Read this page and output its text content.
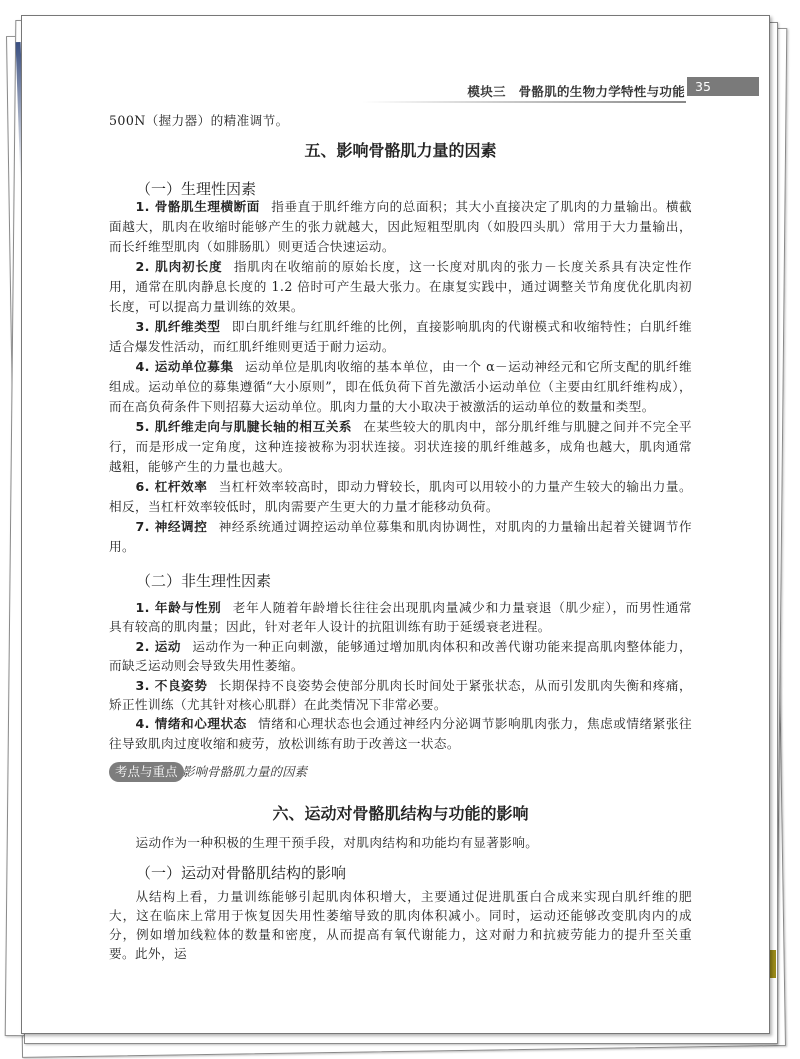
模块三　骨骼肌的生物力学特性与功能 35
500N（握力器）的精准调节。
五、影响骨骼肌力量的因素
（一）生理性因素

1. 骨骼肌生理横断面 指垂直于肌纤维方向的总面积；其大小直接决定了肌肉的力量输出。横截面越大，肌肉在收缩时能够产生的张力就越大，因此短粗型肌肉（如股四头肌）常用于大力量输出，而长纤维型肌肉（如腓肠肌）则更适合快速运动。

2. 肌肉初长度 指肌肉在收缩前的原始长度，这一长度对肌肉的张力－长度关系具有决定性作用，通常在肌肉静息长度的 1.2 倍时可产生最大张力。在康复实践中，通过调整关节角度优化肌肉初长度，可以提高力量训练的效果。

3. 肌纤维类型 即白肌纤维与红肌纤维的比例，直接影响肌肉的代谢模式和收缩特性；白肌纤维适合爆发性活动，而红肌纤维则更适于耐力运动。

4. 运动单位募集 运动单位是肌肉收缩的基本单位，由一个 α－运动神经元和它所支配的肌纤维组成。运动单位的募集遵循“大小原则”，即在低负荷下首先激活小运动单位（主要由红肌纤维构成），而在高负荷条件下则招募大运动单位。肌肉力量的大小取决于被激活的运动单位的数量和类型。

5. 肌纤维走向与肌腱长轴的相互关系 在某些较大的肌肉中，部分肌纤维与肌腱之间并不完全平行，而是形成一定角度，这种连接被称为羽状连接。羽状连接的肌纤维越多，成角也越大，肌肉通常越粗，能够产生的力量也越大。

6. 杠杆效率 当杠杆效率较高时，即动力臂较长，肌肉可以用较小的力量产生较大的输出力量。相反，当杠杆效率较低时，肌肉需要产生更大的力量才能移动负荷。

7. 神经调控 神经系统通过调控运动单位募集和肌肉协调性，对肌肉的力量输出起着关键调节作用。

（二）非生理性因素

1. 年龄与性别 老年人随着年龄增长往往会出现肌肉量减少和力量衰退（肌少症），而男性通常具有较高的肌肉量；因此，针对老年人设计的抗阻训练有助于延缓衰老进程。

2. 运动 运动作为一种正向刺激，能够通过增加肌肉体积和改善代谢功能来提高肌肉整体能力，而缺乏运动则会导致失用性萎缩。

3. 不良姿势 长期保持不良姿势会使部分肌肉长时间处于紧张状态，从而引发肌肉失衡和疼痛，矫正性训练（尤其针对核心肌群）在此类情况下非常必要。

4. 情绪和心理状态 情绪和心理状态也会通过神经内分泌调节影响肌肉张力，焦虑或情绪紧张往往导致肌肉过度收缩和疲劳，放松训练有助于改善这一状态。

考点与重点 影响骨骼肌力量的因素
六、运动对骨骼肌结构与功能的影响

运动作为一种积极的生理干预手段，对肌肉结构和功能均有显著影响。

（一）运动对骨骼肌结构的影响

从结构上看，力量训练能够引起肌肉体积增大，主要通过促进肌蛋白合成来实现白肌纤维的肥大，这在临床上常用于恢复因失用性萎缩导致的肌肉体积减小。同时，运动还能够改变肌肉内的成分，例如增加线粒体的数量和密度，从而提高有氧代谢能力，这对耐力和抗疲劳能力的提升至关重要。此外，运
